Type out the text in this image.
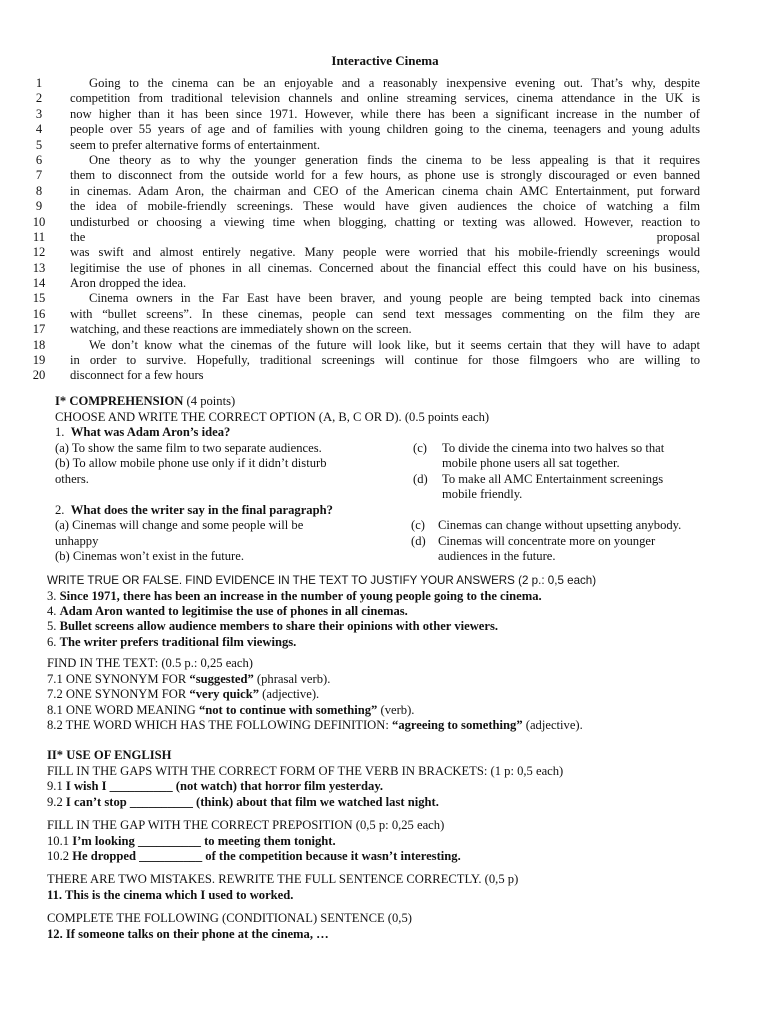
Interactive Cinema
1	Going to the cinema can be an enjoyable and a reasonably inexpensive evening out. That’s why, despite
2	competition from traditional television channels and online streaming services, cinema attendance in the UK is
3	now higher than it has been since 1971. However, while there has been a significant increase in the number of
4	people over 55 years of age and of families with young children going to the cinema, teenagers and young adults
5	seem to prefer alternative forms of entertainment.
6	One theory as to why the younger generation finds the cinema to be less appealing is that it requires
7	them to disconnect from the outside world for a few hours, as phone use is strongly discouraged or even banned
8	in cinemas. Adam Aron, the chairman and CEO of the American cinema chain AMC Entertainment, put forward
9	the idea of mobile-friendly screenings. These would have given audiences the choice of watching a film
10 undisturbed or choosing a viewing time when blogging, chatting or texting was allowed. However, reaction to
11 the proposal
12 was swift and almost entirely negative. Many people were worried that his mobile-friendly screenings would
13 legitimise the use of phones in all cinemas. Concerned about the financial effect this could have on his business,
14 Aron dropped the idea.
15	Cinema owners in the Far East have been braver, and young people are being tempted back into cinemas
16 with “bullet screens”. In these cinemas, people can send text messages commenting on the film they are
17 watching, and these reactions are immediately shown on the screen.
18	We don’t know what the cinemas of the future will look like, but it seems certain that they will have to adapt
19 in order to survive. Hopefully, traditional screenings will continue for those filmgoers who are willing to
20 disconnect for a few hours
I* COMPREHENSION (4 points)
CHOOSE AND WRITE THE CORRECT OPTION (A, B, C OR D). (0.5 points each)
1. What was Adam Aron’s idea?
(a) To show the same film to two separate audiences.
(b) To allow mobile phone use only if it didn’t disturb
others.
(c) To divide the cinema into two halves so that
mobile phone users all sat together.
(d) To make all AMC Entertainment screenings
mobile friendly.
2. What does the writer say in the final paragraph?
(a) Cinemas will change and some people will be
unhappy
(b) Cinemas won’t exist in the future.
(c) Cinemas can change without upsetting anybody.
(d) Cinemas will concentrate more on younger
audiences in the future.
WRITE TRUE OR FALSE. FIND EVIDENCE IN THE TEXT TO JUSTIFY YOUR ANSWERS (2 p.: 0,5 each)
3. Since 1971, there has been an increase in the number of young people going to the cinema.
4. Adam Aron wanted to legitimise the use of phones in all cinemas.
5. Bullet screens allow audience members to share their opinions with other viewers.
6. The writer prefers traditional film viewings.
FIND IN THE TEXT: (0.5 p.: 0,25 each)
7.1 ONE SYNONYM FOR “suggested” (phrasal verb).
7.2 ONE SYNONYM FOR “very quick” (adjective).
8.1 ONE WORD MEANING “not to continue with something” (verb).
8.2 THE WORD WHICH HAS THE FOLLOWING DEFINITION: “agreeing to something” (adjective).
II* USE OF ENGLISH
FILL IN THE GAPS WITH THE CORRECT FORM OF THE VERB IN BRACKETS: (1 p: 0,5 each)
9.1 I wish I __________ (not watch) that horror film yesterday.
9.2 I can’t stop __________ (think) about that film we watched last night.
FILL IN THE GAP WITH THE CORRECT PREPOSITION (0,5 p: 0,25 each)
10.1 I’m looking __________ to meeting them tonight.
10.2 He dropped __________ of the competition because it wasn’t interesting.
THERE ARE TWO MISTAKES. REWRITE THE FULL SENTENCE CORRECTLY. (0,5 p)
11. This is the cinema which I used to worked.
COMPLETE THE FOLLOWING (CONDITIONAL) SENTENCE (0,5)
12. If someone talks on their phone at the cinema, …
